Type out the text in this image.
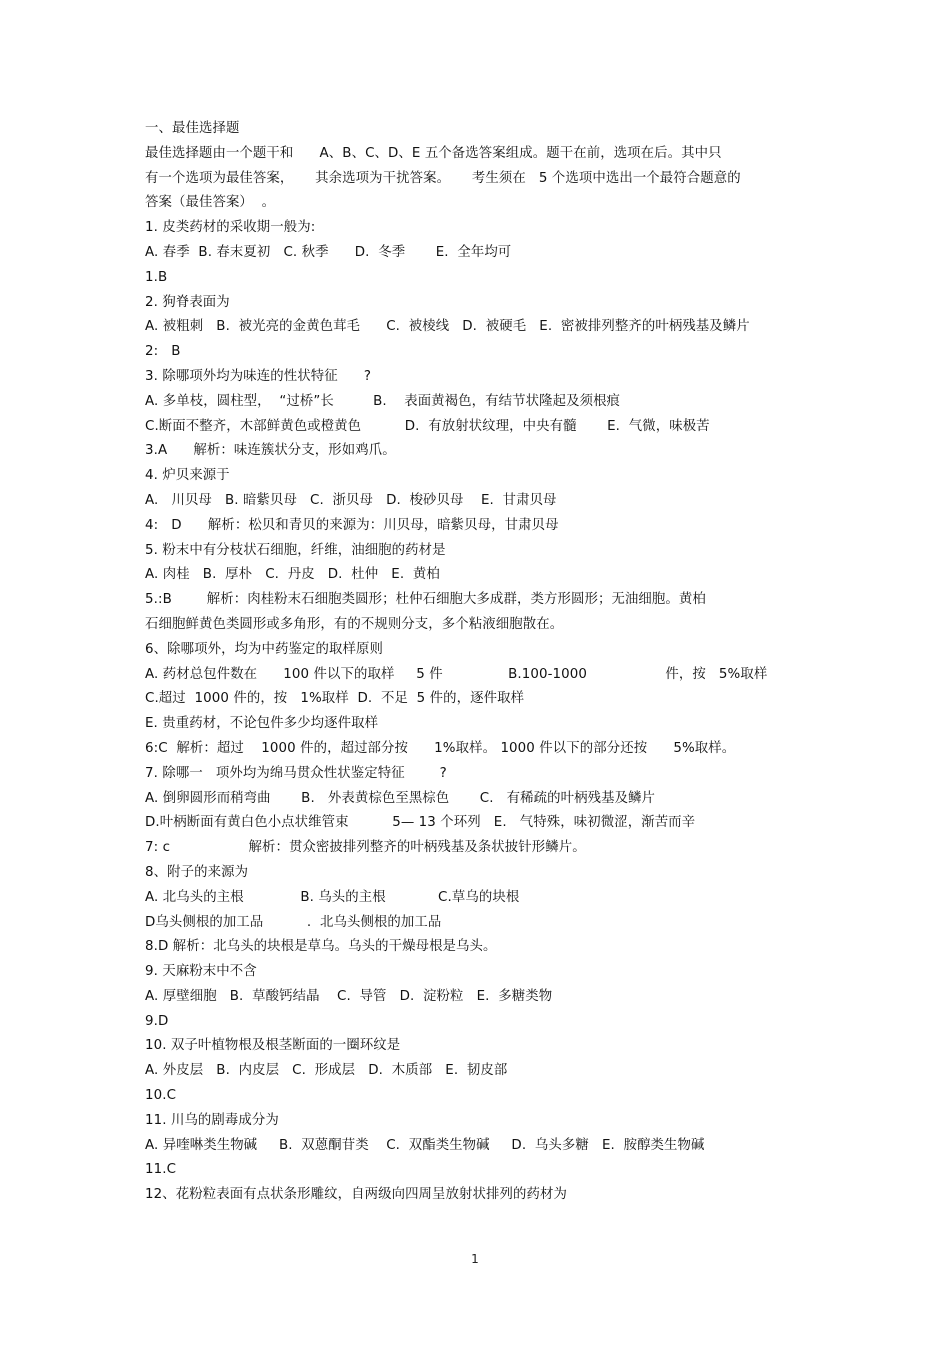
一、最佳选择题
最佳选择题由一个题干和      A、B、C、D、E 五个备选答案组成。题干在前，选项在后。其中只
有一个选项为最佳答案，     其余选项为干扰答案。     考生须在   5 个选项中选出一个最符合题意的
答案（最佳答案）  。
1. 皮类药材的采收期一般为:
A. 春季  B. 春末夏初   C. 秋季      D.  冬季       E.  全年均可
1.B
2. 狗脊表面为
A. 被粗刺   B.  被光亮的金黄色茸毛      C.  被棱线   D.  被硬毛   E.  密被排列整齐的叶柄残基及鳞片
2:   B
3. 除哪项外均为味连的性状特征      ?
A. 多单枝，圆柱型，  “过桥”长         B.    表面黄褐色，有结节状隆起及须根痕
C.断面不整齐，木部鲜黄色或橙黄色          D.  有放射状纹理，中央有髓       E.  气微，味极苦
3.A      解析：味连簇状分支，形如鸡爪。
4. 炉贝来源于
A.   川贝母   B. 暗紫贝母   C.  浙贝母   D.  梭砂贝母    E.  甘肃贝母
4:   D      解析：松贝和青贝的来源为：川贝母，暗紫贝母，甘肃贝母
5. 粉末中有分枝状石细胞，纤维，油细胞的药材是
A. 肉桂   B.  厚朴   C.  丹皮   D.  杜仲   E.  黄柏
5.:B        解析：肉桂粉末石细胞类圆形；杜仲石细胞大多成群，类方形圆形；无油细胞。黄柏
石细胞鲜黄色类圆形或多角形，有的不规则分支，多个粘液细胞散在。
6、除哪项外，均为中药鉴定的取样原则
A. 药材总包件数在      100 件以下的取样     5 件               B.100-1000                  件，按   5%取样
C.超过  1000 件的，按   1%取样  D.  不足  5 件的，逐件取样
E. 贵重药材，不论包件多少均逐件取样
6:C  解析：超过    1000 件的，超过部分按      1%取样。 1000 件以下的部分还按      5%取样。
7. 除哪一   项外均为绵马贯众性状鉴定特征        ?
A. 倒卵圆形而稍弯曲       B.   外表黄棕色至黑棕色       C.   有稀疏的叶柄残基及鳞片
D.叶柄断面有黄白色小点状维管束          5— 13 个环列   E.   气特殊，味初微涩，渐苦而辛
7: c                  解析：贯众密披排列整齐的叶柄残基及条状披针形鳞片。
8、附子的来源为
A. 北乌头的主根             B. 乌头的主根            C.草乌的块根
D乌头侧根的加工品          .  北乌头侧根的加工品
8.D 解析：北乌头的块根是草乌。乌头的干燥母根是乌头。
9. 天麻粉末中不含
A. 厚壁细胞   B.  草酸钙结晶    C.  导管   D.  淀粉粒   E.  多糖类物
9.D
10. 双子叶植物根及根茎断面的一圈环纹是
A. 外皮层   B.  内皮层   C.  形成层   D.  木质部   E.  韧皮部
10.C
11. 川乌的剧毒成分为
A. 异喹啉类生物碱     B.  双蒽酮苷类    C.  双酯类生物碱     D.  乌头多糖   E.  胺醇类生物碱
11.C
12、花粉粒表面有点状条形雕纹，自两级向四周呈放射状排列的药材为
1
